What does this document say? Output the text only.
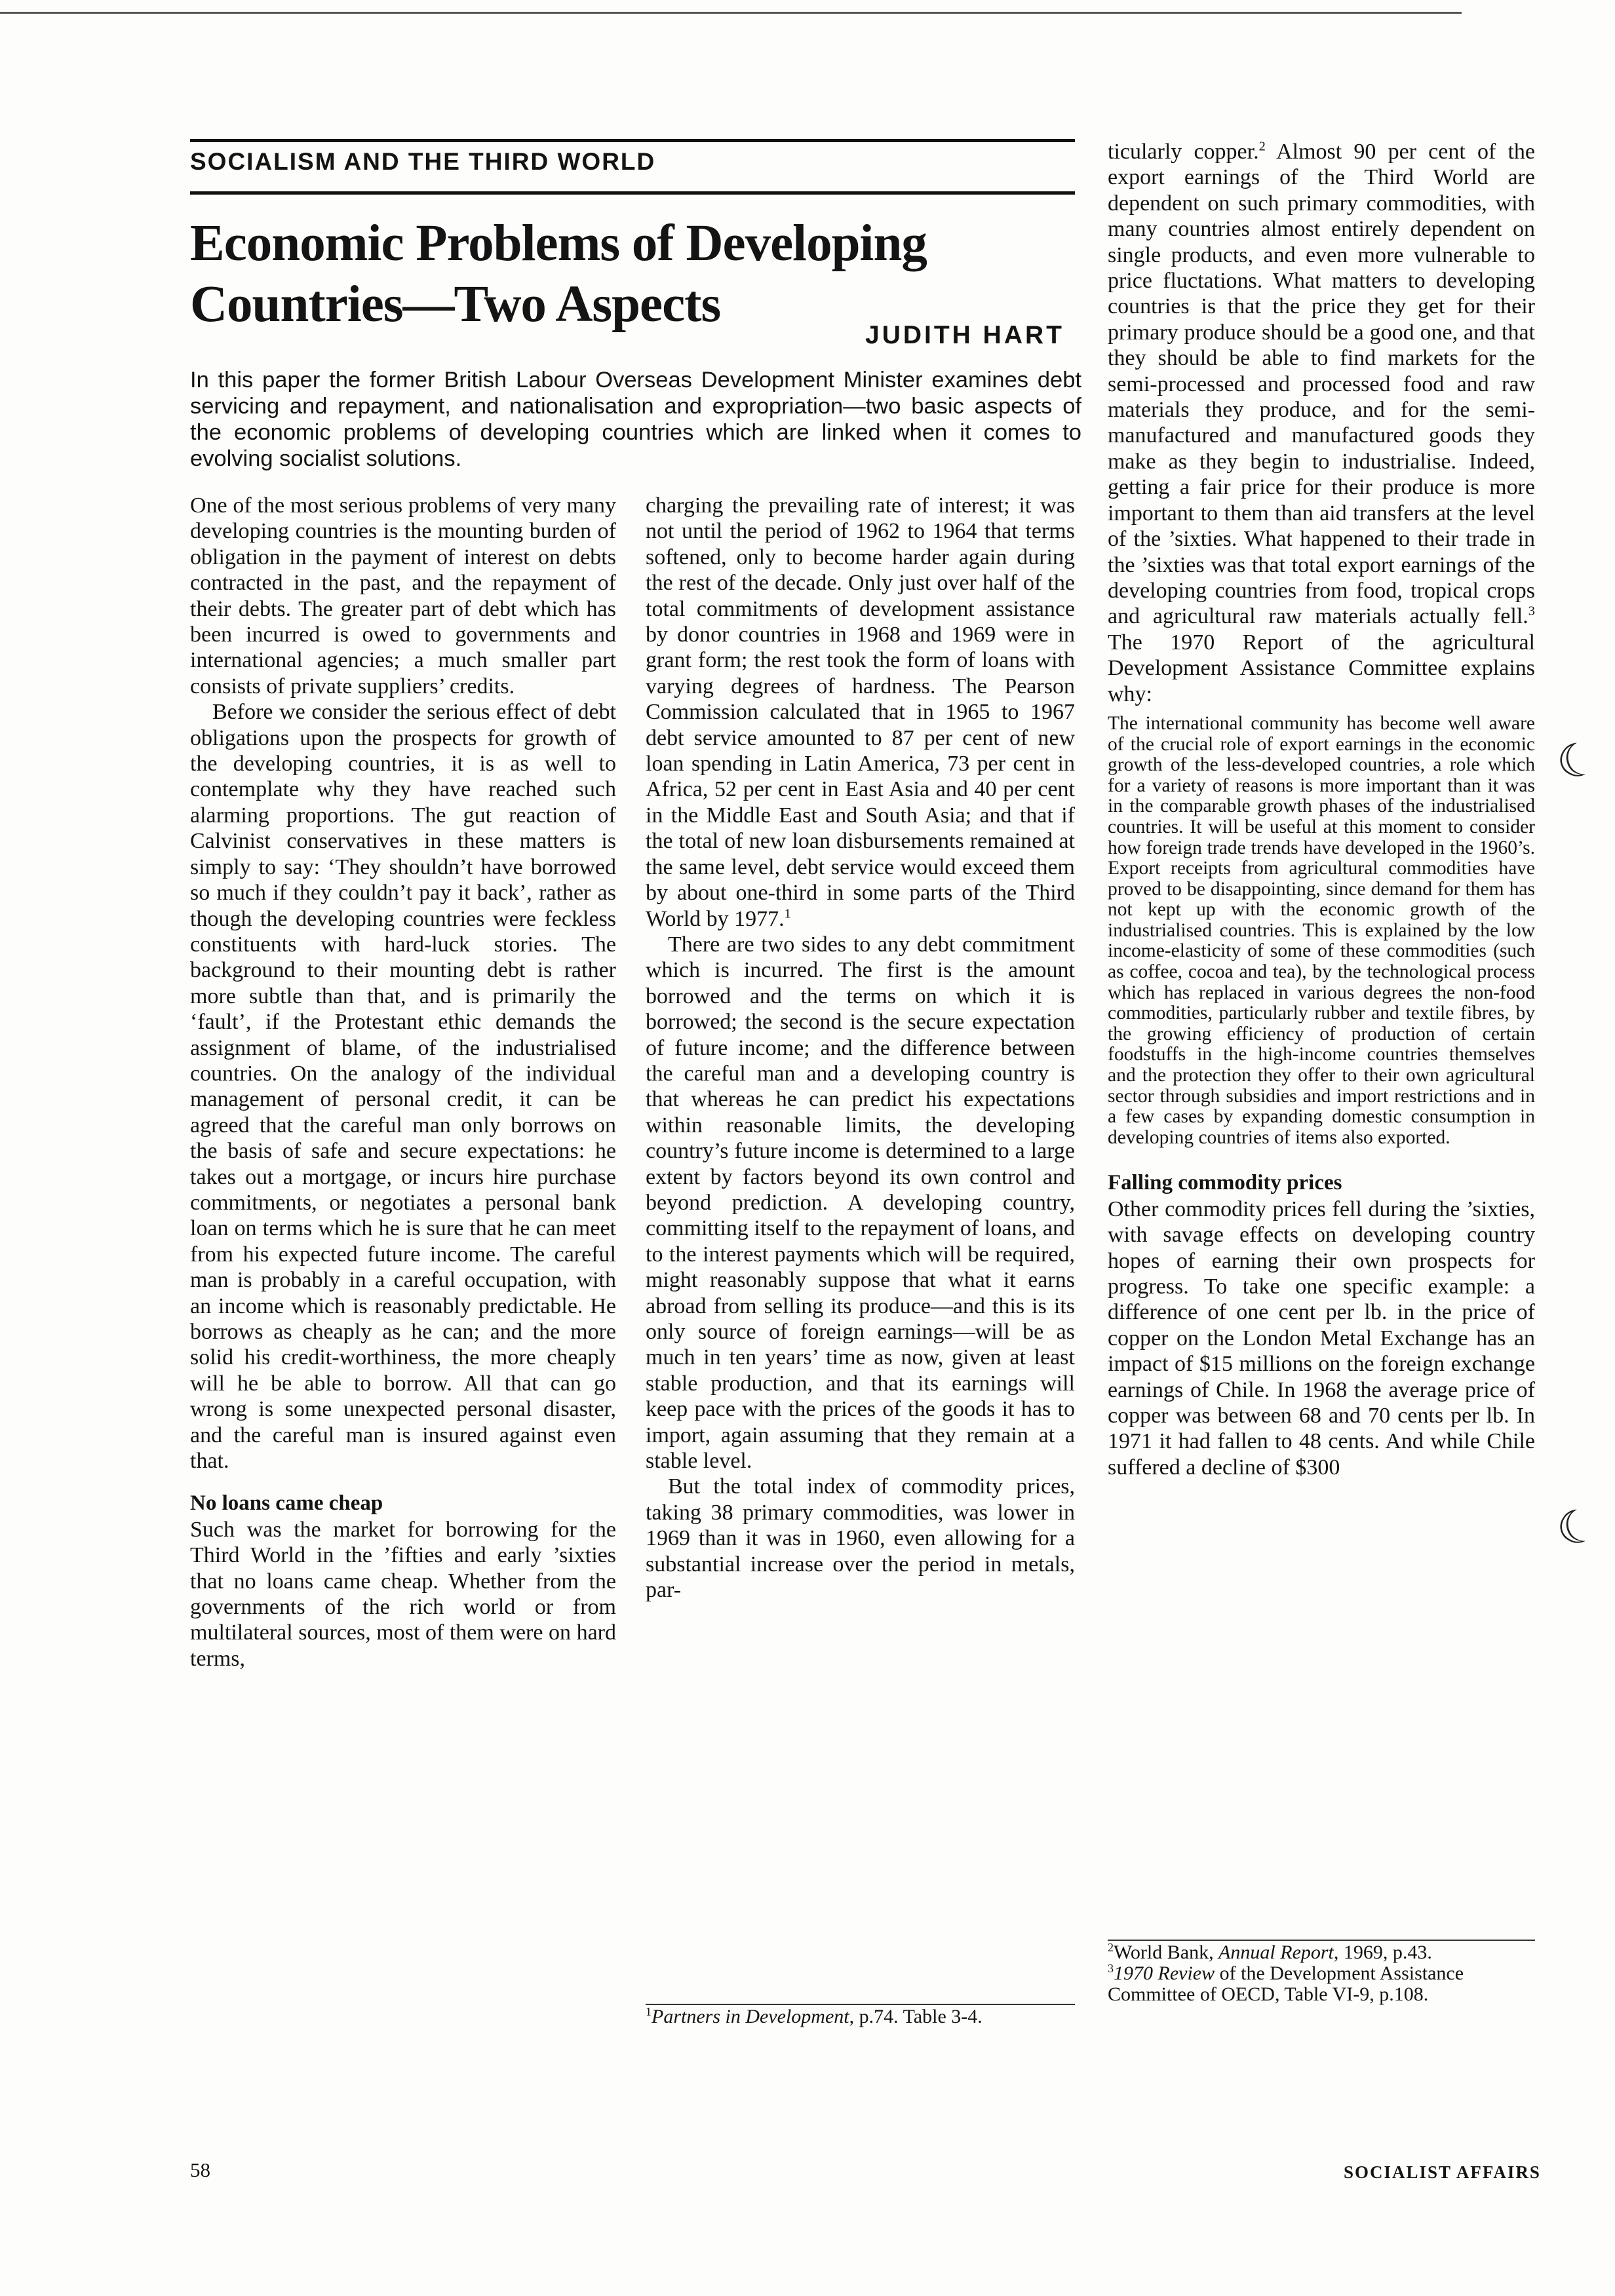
SOCIALISM AND THE THIRD WORLD
Economic Problems of Developing Countries—Two Aspects
JUDITH HART

In this paper the former British Labour Overseas Development Minister examines debt servicing and repayment, and nationalisation and expropriation—two basic aspects of the economic problems of developing countries which are linked when it comes to evolving socialist solutions.

One of the most serious problems of very many developing countries is the mounting burden of obligation in the payment of interest on debts contracted in the past, and the repayment of their debts. The greater part of debt which has been incurred is owed to governments and international agencies; a much smaller part consists of private suppliers’ credits.

Before we consider the serious effect of debt obligations upon the prospects for growth of the developing countries, it is as well to contemplate why they have reached such alarming proportions. The gut reaction of Calvinist conservatives in these matters is simply to say: ‘They shouldn’t have borrowed so much if they couldn’t pay it back’, rather as though the developing countries were feckless constituents with hard-luck stories. The background to their mounting debt is rather more subtle than that, and is primarily the ‘fault’, if the Protestant ethic demands the assignment of blame, of the industrialised countries. On the analogy of the individual management of personal credit, it can be agreed that the careful man only borrows on the basis of safe and secure expectations: he takes out a mortgage, or incurs hire purchase commitments, or negotiates a personal bank loan on terms which he is sure that he can meet from his expected future income. The careful man is probably in a careful occupation, with an income which is reasonably predictable. He borrows as cheaply as he can; and the more solid his credit-worthiness, the more cheaply will he be able to borrow. All that can go wrong is some unexpected personal disaster, and the careful man is insured against even that.

No loans came cheap

Such was the market for borrowing for the Third World in the ’fifties and early ’sixties that no loans came cheap. Whether from the governments of the rich world or from multilateral sources, most of them were on hard terms,

charging the prevailing rate of interest; it was not until the period of 1962 to 1964 that terms softened, only to become harder again during the rest of the decade. Only just over half of the total commitments of development assistance by donor countries in 1968 and 1969 were in grant form; the rest took the form of loans with varying degrees of hardness. The Pearson Commission calculated that in 1965 to 1967 debt service amounted to 87 per cent of new loan spending in Latin America, 73 per cent in Africa, 52 per cent in East Asia and 40 per cent in the Middle East and South Asia; and that if the total of new loan disbursements remained at the same level, debt service would exceed them by about one-third in some parts of the Third World by 1977.$^1$

There are two sides to any debt commitment which is incurred. The first is the amount borrowed and the terms on which it is borrowed; the second is the secure expectation of future income; and the difference between the careful man and a developing country is that whereas he can predict his expectations within reasonable limits, the developing country’s future income is determined to a large extent by factors beyond its own control and beyond prediction. A developing country, committing itself to the repayment of loans, and to the interest payments which will be required, might reasonably suppose that what it earns abroad from selling its produce—and this is its only source of foreign earnings—will be as much in ten years’ time as now, given at least stable production, and that its earnings will keep pace with the prices of the goods it has to import, again assuming that they remain at a stable level.

But the total index of commodity prices, taking 38 primary commodities, was lower in 1969 than it was in 1960, even allowing for a substantial increase over the period in metals, par-

$^1$Partners in Development, p.74. Table 3-4.

ticularly copper.$^2$ Almost 90 per cent of the export earnings of the Third World are dependent on such primary commodities, with many countries almost entirely dependent on single products, and even more vulnerable to price fluctations. What matters to developing countries is that the price they get for their primary produce should be a good one, and that they should be able to find markets for the semi-processed and processed food and raw materials they produce, and for the semi-manufactured and manufactured goods they make as they begin to industrialise. Indeed, getting a fair price for their produce is more important to them than aid transfers at the level of the ’sixties. What happened to their trade in the ’sixties was that total export earnings of the developing countries from food, tropical crops and agricultural raw materials actually fell.$^3$ The 1970 Report of the agricultural Development Assistance Committee explains why:

The international community has become well aware of the crucial role of export earnings in the economic growth of the less-developed countries, a role which for a variety of reasons is more important than it was in the comparable growth phases of the industrialised countries. It will be useful at this moment to consider how foreign trade trends have developed in the 1960’s. Export receipts from agricultural commodities have proved to be disappointing, since demand for them has not kept up with the economic growth of the industrialised countries. This is explained by the low income-elasticity of some of these commodities (such as coffee, cocoa and tea), by the technological process which has replaced in various degrees the non-food commodities, particularly rubber and textile fibres, by the growing efficiency of production of certain foodstuffs in the high-income countries themselves and the protection they offer to their own agricultural sector through subsidies and import restrictions and in a few cases by expanding domestic consumption in developing countries of items also exported.

Falling commodity prices

Other commodity prices fell during the ’sixties, with savage effects on developing country hopes of earning their own prospects for progress. To take one specific example: a difference of one cent per lb. in the price of copper on the London Metal Exchange has an impact of $15 millions on the foreign exchange earnings of Chile. In 1968 the average price of copper was between 68 and 70 cents per lb. In 1971 it had fallen to 48 cents. And while Chile suffered a decline of $300

$^2$World Bank, Annual Report, 1969, p.43.
$^3$1970 Review of the Development Assistance Committee of OECD, Table VI-9, p.108.
☾
☾
58	SOCIALIST AFFAIRS
